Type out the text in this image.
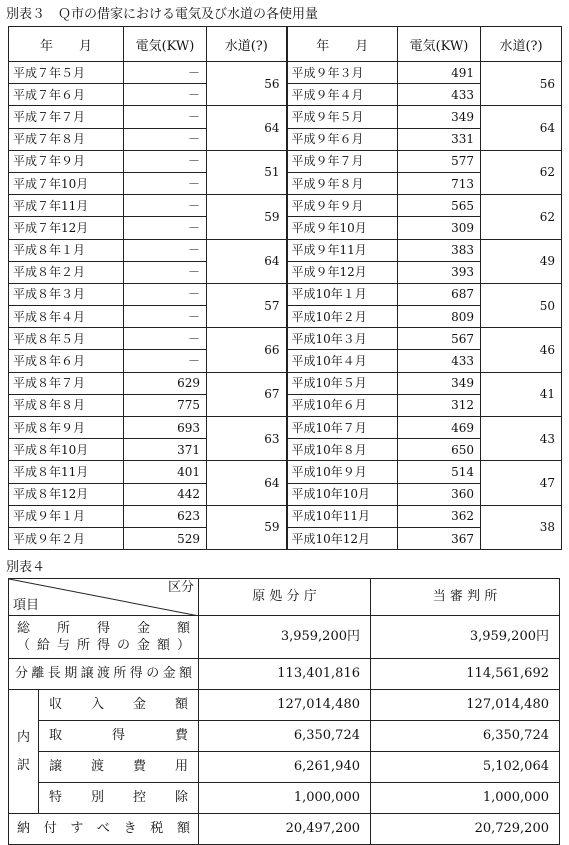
別表３　Ｑ市の借家における電気及び水道の各使用量
年　　月	電気(KW)	水道(?)	年　　月	電気(KW)	水道(?)
平成７年５月	－	56	平成９年３月	491	56
平成７年６月	－		平成９年４月	433	
平成７年７月	－	64	平成９年５月	349	64
平成７年８月	－		平成９年６月	331	
平成７年９月	－	51	平成９年７月	577	62
平成７年10月	－		平成９年８月	713	
平成７年11月	－	59	平成９年９月	565	62
平成７年12月	－		平成９年10月	309	
平成８年１月	－	64	平成９年11月	383	49
平成８年２月	－		平成９年12月	393	
平成８年３月	－	57	平成10年１月	687	50
平成８年４月	－		平成10年２月	809	
平成８年５月	－	66	平成10年３月	567	46
平成８年６月	－		平成10年４月	433	
平成８年７月	629	67	平成10年５月	349	41
平成８年８月	775		平成10年６月	312	
平成８年９月	693	63	平成10年７月	469	43
平成８年10月	371		平成10年８月	650	
平成８年11月	401	64	平成10年９月	514	47
平成８年12月	442		平成10年10月	360	
平成９年１月	623	59	平成10年11月	362	38
平成９年２月	529		平成10年12月	367	
別表４
区分
項目		原 処 分 庁	当 審 判 所

総所得金額
（給与所得の金額）		3,959,200円	3,959,200円
分離長期譲渡所得の金額		113,401,816	114,561,692
内
訳	収入金額	127,014,480	127,014,480
	取得費	6,350,724	6,350,724
	譲渡費用	6,261,940	5,102,064
	特別控除	1,000,000	1,000,000
納付すべき税額		20,497,200	20,729,200
